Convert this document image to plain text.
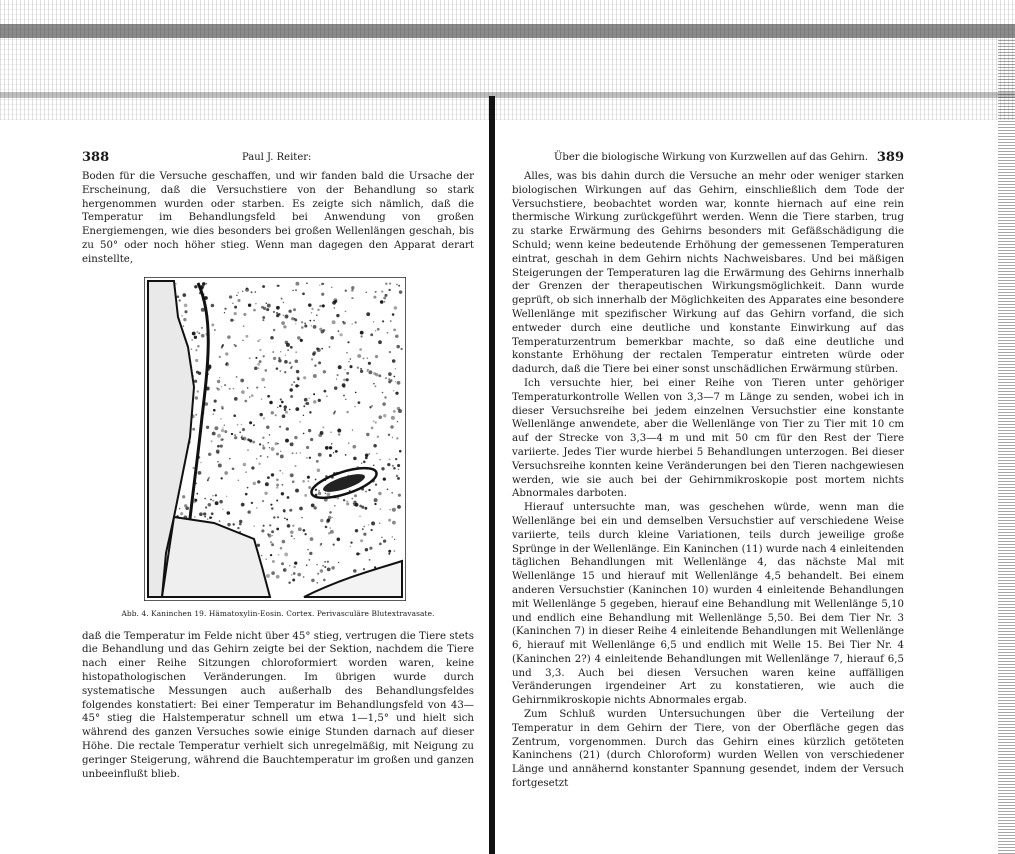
388	Paul J. Reiter:

Boden für die Versuche geschaffen, und wir fanden bald die Ursache der Erscheinung, daß die Versuchstiere von der Behandlung so stark hergenommen wurden oder starben. Es zeigte sich nämlich, daß die Temperatur im Behandlungsfeld bei Anwendung von großen Energiemengen, wie dies besonders bei großen Wellenlängen geschah, bis zu 50° oder noch höher stieg. Wenn man dagegen den Apparat derart einstellte,

Abb. 4. Kaninchen 19. Hämatoxylin-Eosin. Cortex. Perivasculäre Blutextravasate.

daß die Temperatur im Felde nicht über 45° stieg, vertrugen die Tiere stets die Behandlung und das Gehirn zeigte bei der Sektion, nachdem die Tiere nach einer Reihe Sitzungen chloroformiert worden waren, keine histopathologischen Veränderungen. Im übrigen wurde durch systematische Messungen auch außerhalb des Behandlungsfeldes folgendes konstatiert: Bei einer Temperatur im Behandlungsfeld von 43—45° stieg die Halstemperatur schnell um etwa 1—1,5° und hielt sich während des ganzen Versuches sowie einige Stunden darnach auf dieser Höhe. Die rectale Temperatur verhielt sich unregelmäßig, mit Neigung zu geringer Steigerung, während die Bauchtemperatur im großen und ganzen unbeeinflußt blieb.

Über die biologische Wirkung von Kurzwellen auf das Gehirn. 389

Alles, was bis dahin durch die Versuche an mehr oder weniger starken biologischen Wirkungen auf das Gehirn, einschließlich dem Tode der Versuchstiere, beobachtet worden war, konnte hiernach auf eine rein thermische Wirkung zurückgeführt werden. Wenn die Tiere starben, trug zu starke Erwärmung des Gehirns besonders mit Gefäßschädigung die Schuld; wenn keine bedeutende Erhöhung der gemessenen Temperaturen eintrat, geschah in dem Gehirn nichts Nachweisbares. Und bei mäßigen Steigerungen der Temperaturen lag die Erwärmung des Gehirns innerhalb der Grenzen der therapeutischen Wirkungsmöglichkeit. Dann wurde geprüft, ob sich innerhalb der Möglichkeiten des Apparates eine besondere Wellenlänge mit spezifischer Wirkung auf das Gehirn vorfand, die sich entweder durch eine deutliche und konstante Einwirkung auf das Temperaturzentrum bemerkbar machte, so daß eine deutliche und konstante Erhöhung der rectalen Temperatur eintreten würde oder dadurch, daß die Tiere bei einer sonst unschädlichen Erwärmung stürben.

Ich versuchte hier, bei einer Reihe von Tieren unter gehöriger Temperaturkontrolle Wellen von 3,3—7 m Länge zu senden, wobei ich in dieser Versuchsreihe bei jedem einzelnen Versuchstier eine konstante Wellenlänge anwendete, aber die Wellenlänge von Tier zu Tier mit 10 cm auf der Strecke von 3,3—4 m und mit 50 cm für den Rest der Tiere variierte. Jedes Tier wurde hierbei 5 Behandlungen unterzogen. Bei dieser Versuchsreihe konnten keine Veränderungen bei den Tieren nachgewiesen werden, wie sie auch bei der Gehirnmikroskopie post mortem nichts Abnormales darboten.

Hierauf untersuchte man, was geschehen würde, wenn man die Wellenlänge bei ein und demselben Versuchstier auf verschiedene Weise variierte, teils durch kleine Variationen, teils durch jeweilige große Sprünge in der Wellenlänge. Ein Kaninchen (11) wurde nach 4 einleitenden täglichen Behandlungen mit Wellenlänge 4, das nächste Mal mit Wellenlänge 15 und hierauf mit Wellenlänge 4,5 behandelt. Bei einem anderen Versuchstier (Kaninchen 10) wurden 4 einleitende Behandlungen mit Wellenlänge 5 gegeben, hierauf eine Behandlung mit Wellenlänge 5,10 und endlich eine Behandlung mit Wellenlänge 5,50. Bei dem Tier Nr. 3 (Kaninchen 7) in dieser Reihe 4 einleitende Behandlungen mit Wellenlänge 6, hierauf mit Wellenlänge 6,5 und endlich mit Welle 15. Bei Tier Nr. 4 (Kaninchen 2?) 4 einleitende Behandlungen mit Wellenlänge 7, hierauf 6,5 und 3,3. Auch bei diesen Versuchen waren keine auffälligen Veränderungen irgendeiner Art zu konstatieren, wie auch die Gehirnmikroskopie nichts Abnormales ergab.

Zum Schluß wurden Untersuchungen über die Verteilung der Temperatur in dem Gehirn der Tiere, von der Oberfläche gegen das Zentrum, vorgenommen. Durch das Gehirn eines kürzlich getöteten Kaninchens (21) (durch Chloroform) wurden Wellen von verschiedener Länge und annähernd konstanter Spannung gesendet, indem der Versuch fortgesetzt
